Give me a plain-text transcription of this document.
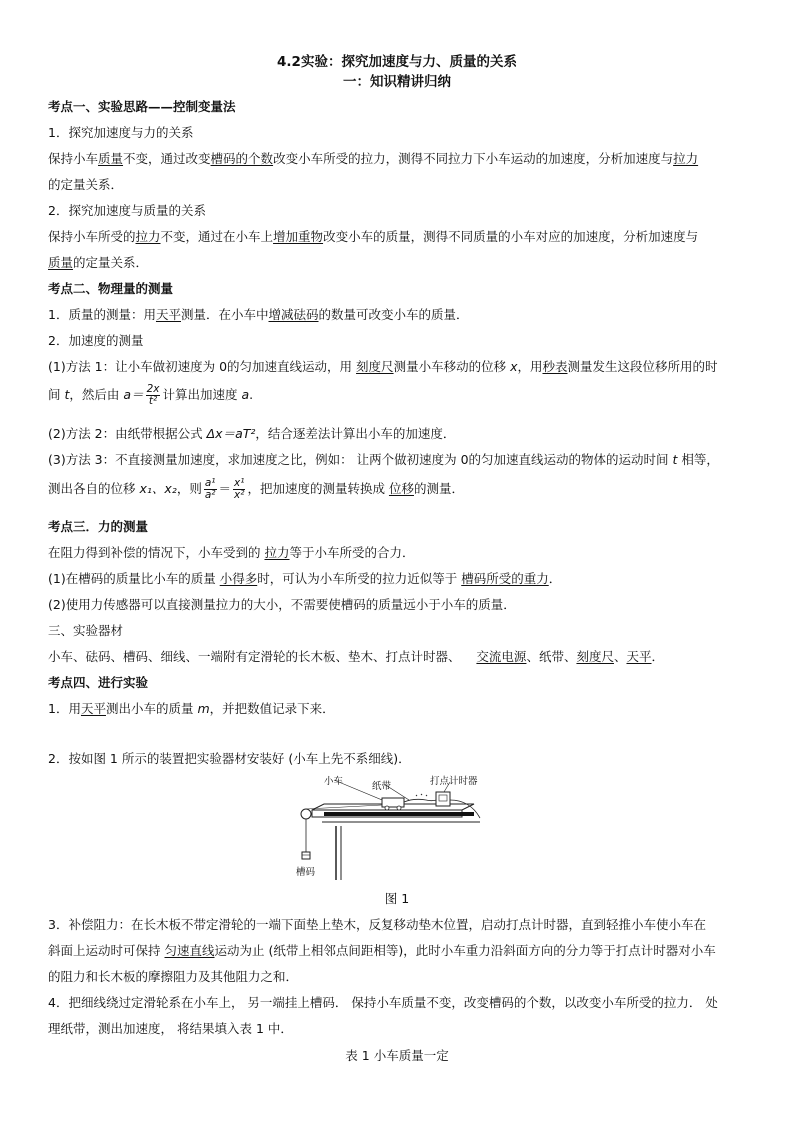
4.2实验：探究加速度与力、质量的关系
一：知识精讲归纳
考点一、实验思路——控制变量法
1．探究加速度与力的关系
保持小车质量不变，通过改变槽码的个数改变小车所受的拉力，测得不同拉力下小车运动的加速度，分析加速度与拉力
的定量关系．
2．探究加速度与质量的关系
保持小车所受的拉力不变，通过在小车上增加重物改变小车的质量，测得不同质量的小车对应的加速度，分析加速度与
质量的定量关系．
考点二、物理量的测量
1．质量的测量：用天平测量．在小车中增减砝码的数量可改变小车的质量．
2．加速度的测量
(1)方法 1：让小车做初速度为 0的匀加速直线运动，用 刻度尺测量小车移动的位移 x，用秒表测量发生这段位移所用的时
间 t，然后由 $a= \frac{2x}{\text{t²}}$ 计算出加速度 a.
(2)方法 2：由纸带根据公式 Δx＝aT²，结合逐差法计算出小车的加速度．
(3)方法 3：不直接测量加速度，求加速度之比，例如： 让两个做初速度为 0的匀加速直线运动的物体的运动时间 t 相等，
测出各自的位移 x₁、x₂，则 $\frac{\text{a¹}}{\text{a²}} = \frac{\text{x¹}}{\text{x²}}$ ，把加速度的测量转换成 位移的测量．
考点三．力的测量
在阻力得到补偿的情况下，小车受到的 拉力等于小车所受的合力．
(1)在槽码的质量比小车的质量 小得多时，可认为小车所受的拉力近似等于 槽码所受的重力．
(2)使用力传感器可以直接测量拉力的大小，不需要使槽码的质量远小于小车的质量．
三、实验器材
小车、砝码、槽码、细线、一端附有定滑轮的长木板、垫木、打点计时器、 交流电源、纸带、刻度尺、天平．
考点四、进行实验
1．用天平测出小车的质量 m，并把数值记录下来．
2．按如图 1 所示的装置把实验器材安装好 (小车上先不系细线)．
小车	纸带	打点计时器
槽码
图 1
3．补偿阻力：在长木板不带定滑轮的一端下面垫上垫木，反复移动垫木位置，启动打点计时器，直到轻推小车使小车在
斜面上运动时可保持 匀速直线运动为止 (纸带上相邻点间距相等)，此时小车重力沿斜面方向的分力等于打点计时器对小车
的阻力和长木板的摩擦阻力及其他阻力之和．
4．把细线绕过定滑轮系在小车上， 另一端挂上槽码． 保持小车质量不变，改变槽码的个数，以改变小车所受的拉力． 处
理纸带，测出加速度， 将结果填入表 1 中．
表 1 小车质量一定
